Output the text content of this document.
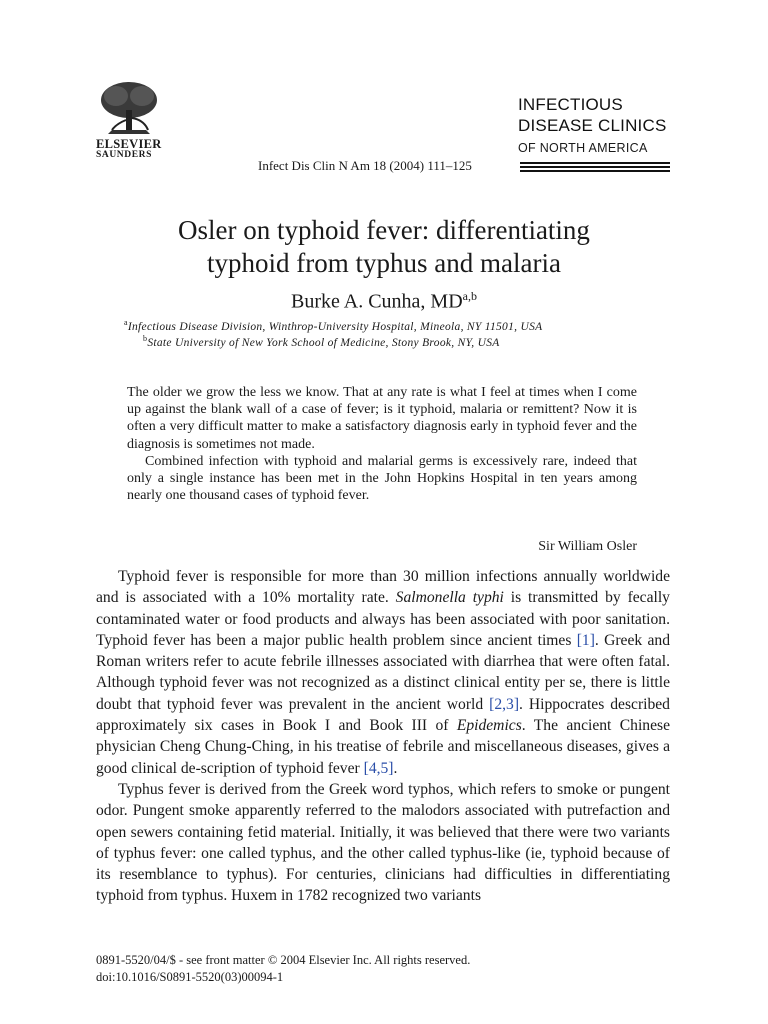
ELSEVIER
SAUNDERS
Infect Dis Clin N Am 18 (2004) 111–125
INFECTIOUS
DISEASE CLINICS
OF NORTH AMERICA
Osler on typhoid fever: differentiating
typhoid from typhus and malaria
Burke A. Cunha, MD$^{a,b}$
$^a$Infectious Disease Division, Winthrop-University Hospital, Mineola, NY 11501, USA
$^b$State University of New York School of Medicine, Stony Brook, NY, USA

The older we grow the less we know. That at any rate is what I feel at times when I come up against the blank wall of a case of fever; is it typhoid, malaria or remittent? Now it is often a very difficult matter to make a satisfactory diagnosis early in typhoid fever and the diagnosis is sometimes not made.

Combined infection with typhoid and malarial germs is excessively rare, indeed that only a single instance has been met in the John Hopkins Hospital in ten years among nearly one thousand cases of typhoid fever.

Sir William Osler

Typhoid fever is responsible for more than 30 million infections annually worldwide and is associated with a 10% mortality rate. Salmonella typhi is transmitted by fecally contaminated water or food products and always has been associated with poor sanitation. Typhoid fever has been a major public health problem since ancient times [1]. Greek and Roman writers refer to acute febrile illnesses associated with diarrhea that were often fatal. Although typhoid fever was not recognized as a distinct clinical entity per se, there is little doubt that typhoid fever was prevalent in the ancient world [2,3]. Hippocrates described approximately six cases in Book I and Book III of Epidemics. The ancient Chinese physician Cheng Chung-Ching, in his treatise of febrile and miscellaneous diseases, gives a good clinical de-scription of typhoid fever [4,5].

Typhus fever is derived from the Greek word typhos, which refers to smoke or pungent odor. Pungent smoke apparently referred to the malodors associated with putrefaction and open sewers containing fetid material. Initially, it was believed that there were two variants of typhus fever: one called typhus, and the other called typhus-like (ie, typhoid because of its resemblance to typhus). For centuries, clinicians had difficulties in differentiating typhoid from typhus. Huxem in 1782 recognized two variants

0891-5520/04/$ - see front matter © 2004 Elsevier Inc. All rights reserved.
doi:10.1016/S0891-5520(03)00094-1
